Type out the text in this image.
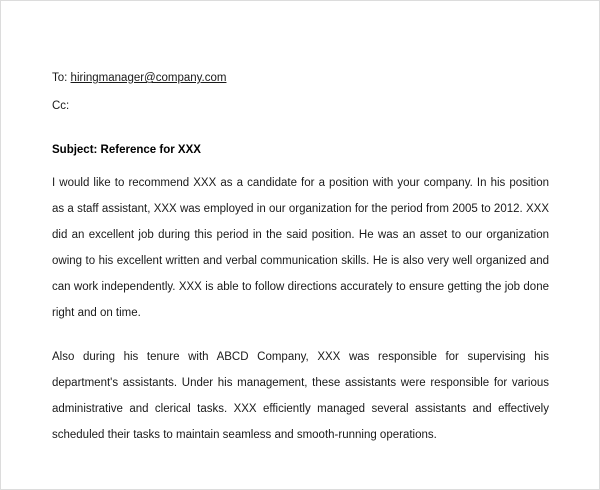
To: hiringmanager@company.com

Cc:

Subject: Reference for XXX

I would like to recommend XXX as a candidate for a position with your company. In his position as a staff assistant, XXX was employed in our organization for the period from 2005 to 2012. XXX did an excellent job during this period in the said position. He was an asset to our organization owing to his excellent written and verbal communication skills. He is also very well organized and can work independently. XXX is able to follow directions accurately to ensure getting the job done right and on time.

Also during his tenure with ABCD Company, XXX was responsible for supervising his department's assistants. Under his management, these assistants were responsible for various administrative and clerical tasks. XXX efficiently managed several assistants and effectively scheduled their tasks to maintain seamless and smooth-running operations.
